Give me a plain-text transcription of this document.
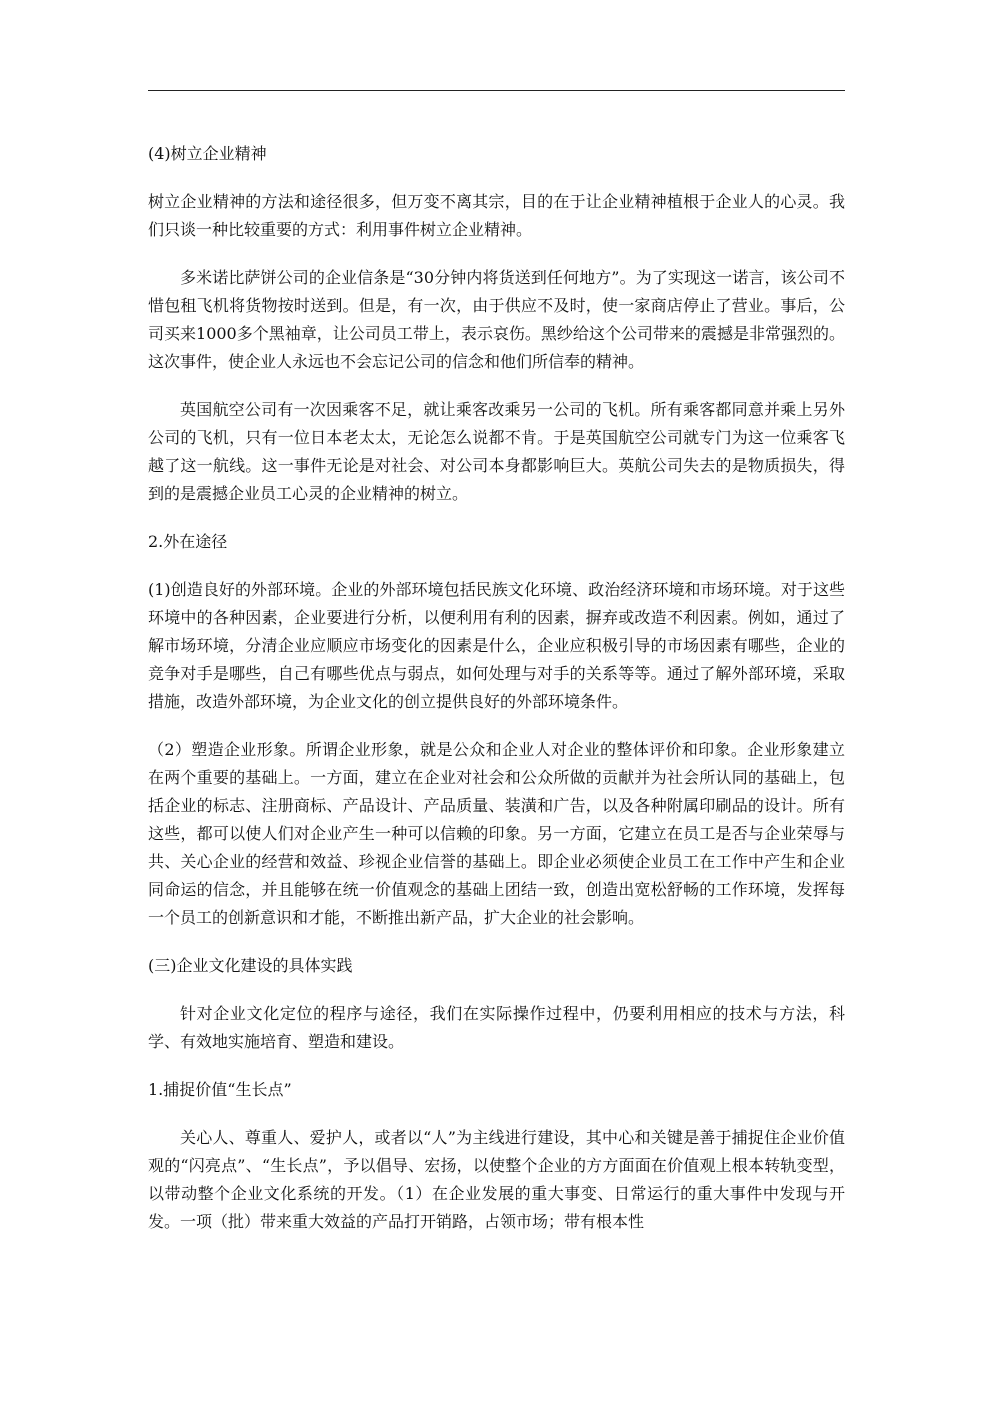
(4)树立企业精神

树立企业精神的方法和途径很多，但万变不离其宗，目的在于让企业精神植根于企业人的心灵。我们只谈一种比较重要的方式：利用事件树立企业精神。

多米诺比萨饼公司的企业信条是“30分钟内将货送到任何地方”。为了实现这一诺言，该公司不惜包租飞机将货物按时送到。但是，有一次，由于供应不及时，使一家商店停止了营业。事后，公司买来1000多个黑袖章，让公司员工带上，表示哀伤。黑纱给这个公司带来的震撼是非常强烈的。这次事件，使企业人永远也不会忘记公司的信念和他们所信奉的精神。

英国航空公司有一次因乘客不足，就让乘客改乘另一公司的飞机。所有乘客都同意并乘上另外公司的飞机，只有一位日本老太太，无论怎么说都不肯。于是英国航空公司就专门为这一位乘客飞越了这一航线。这一事件无论是对社会、对公司本身都影响巨大。英航公司失去的是物质损失，得到的是震撼企业员工心灵的企业精神的树立。

2.外在途径

(1)创造良好的外部环境。企业的外部环境包括民族文化环境、政治经济环境和市场环境。对于这些环境中的各种因素，企业要进行分析，以便利用有利的因素，摒弃或改造不利因素。例如，通过了解市场环境，分清企业应顺应市场变化的因素是什么，企业应积极引导的市场因素有哪些，企业的竞争对手是哪些，自己有哪些优点与弱点，如何处理与对手的关系等等。通过了解外部环境，采取措施，改造外部环境，为企业文化的创立提供良好的外部环境条件。

（2）塑造企业形象。所谓企业形象，就是公众和企业人对企业的整体评价和印象。企业形象建立在两个重要的基础上。一方面，建立在企业对社会和公众所做的贡献并为社会所认同的基础上，包括企业的标志、注册商标、产品设计、产品质量、装潢和广告，以及各种附属印刷品的设计。所有这些，都可以使人们对企业产生一种可以信赖的印象。另一方面，它建立在员工是否与企业荣辱与共、关心企业的经营和效益、珍视企业信誉的基础上。即企业必须使企业员工在工作中产生和企业同命运的信念，并且能够在统一价值观念的基础上团结一致，创造出宽松舒畅的工作环境，发挥每一个员工的创新意识和才能，不断推出新产品，扩大企业的社会影响。

(三)企业文化建设的具体实践

针对企业文化定位的程序与途径，我们在实际操作过程中，仍要利用相应的技术与方法，科学、有效地实施培育、塑造和建设。

1.捕捉价值“生长点”

关心人、尊重人、爱护人，或者以“人”为主线进行建设，其中心和关键是善于捕捉住企业价值观的“闪亮点”、“生长点”，予以倡导、宏扬，以使整个企业的方方面面在价值观上根本转轨变型，以带动整个企业文化系统的开发。（1）在企业发展的重大事变、日常运行的重大事件中发现与开发。一项（批）带来重大效益的产品打开销路，占领市场；带有根本性
